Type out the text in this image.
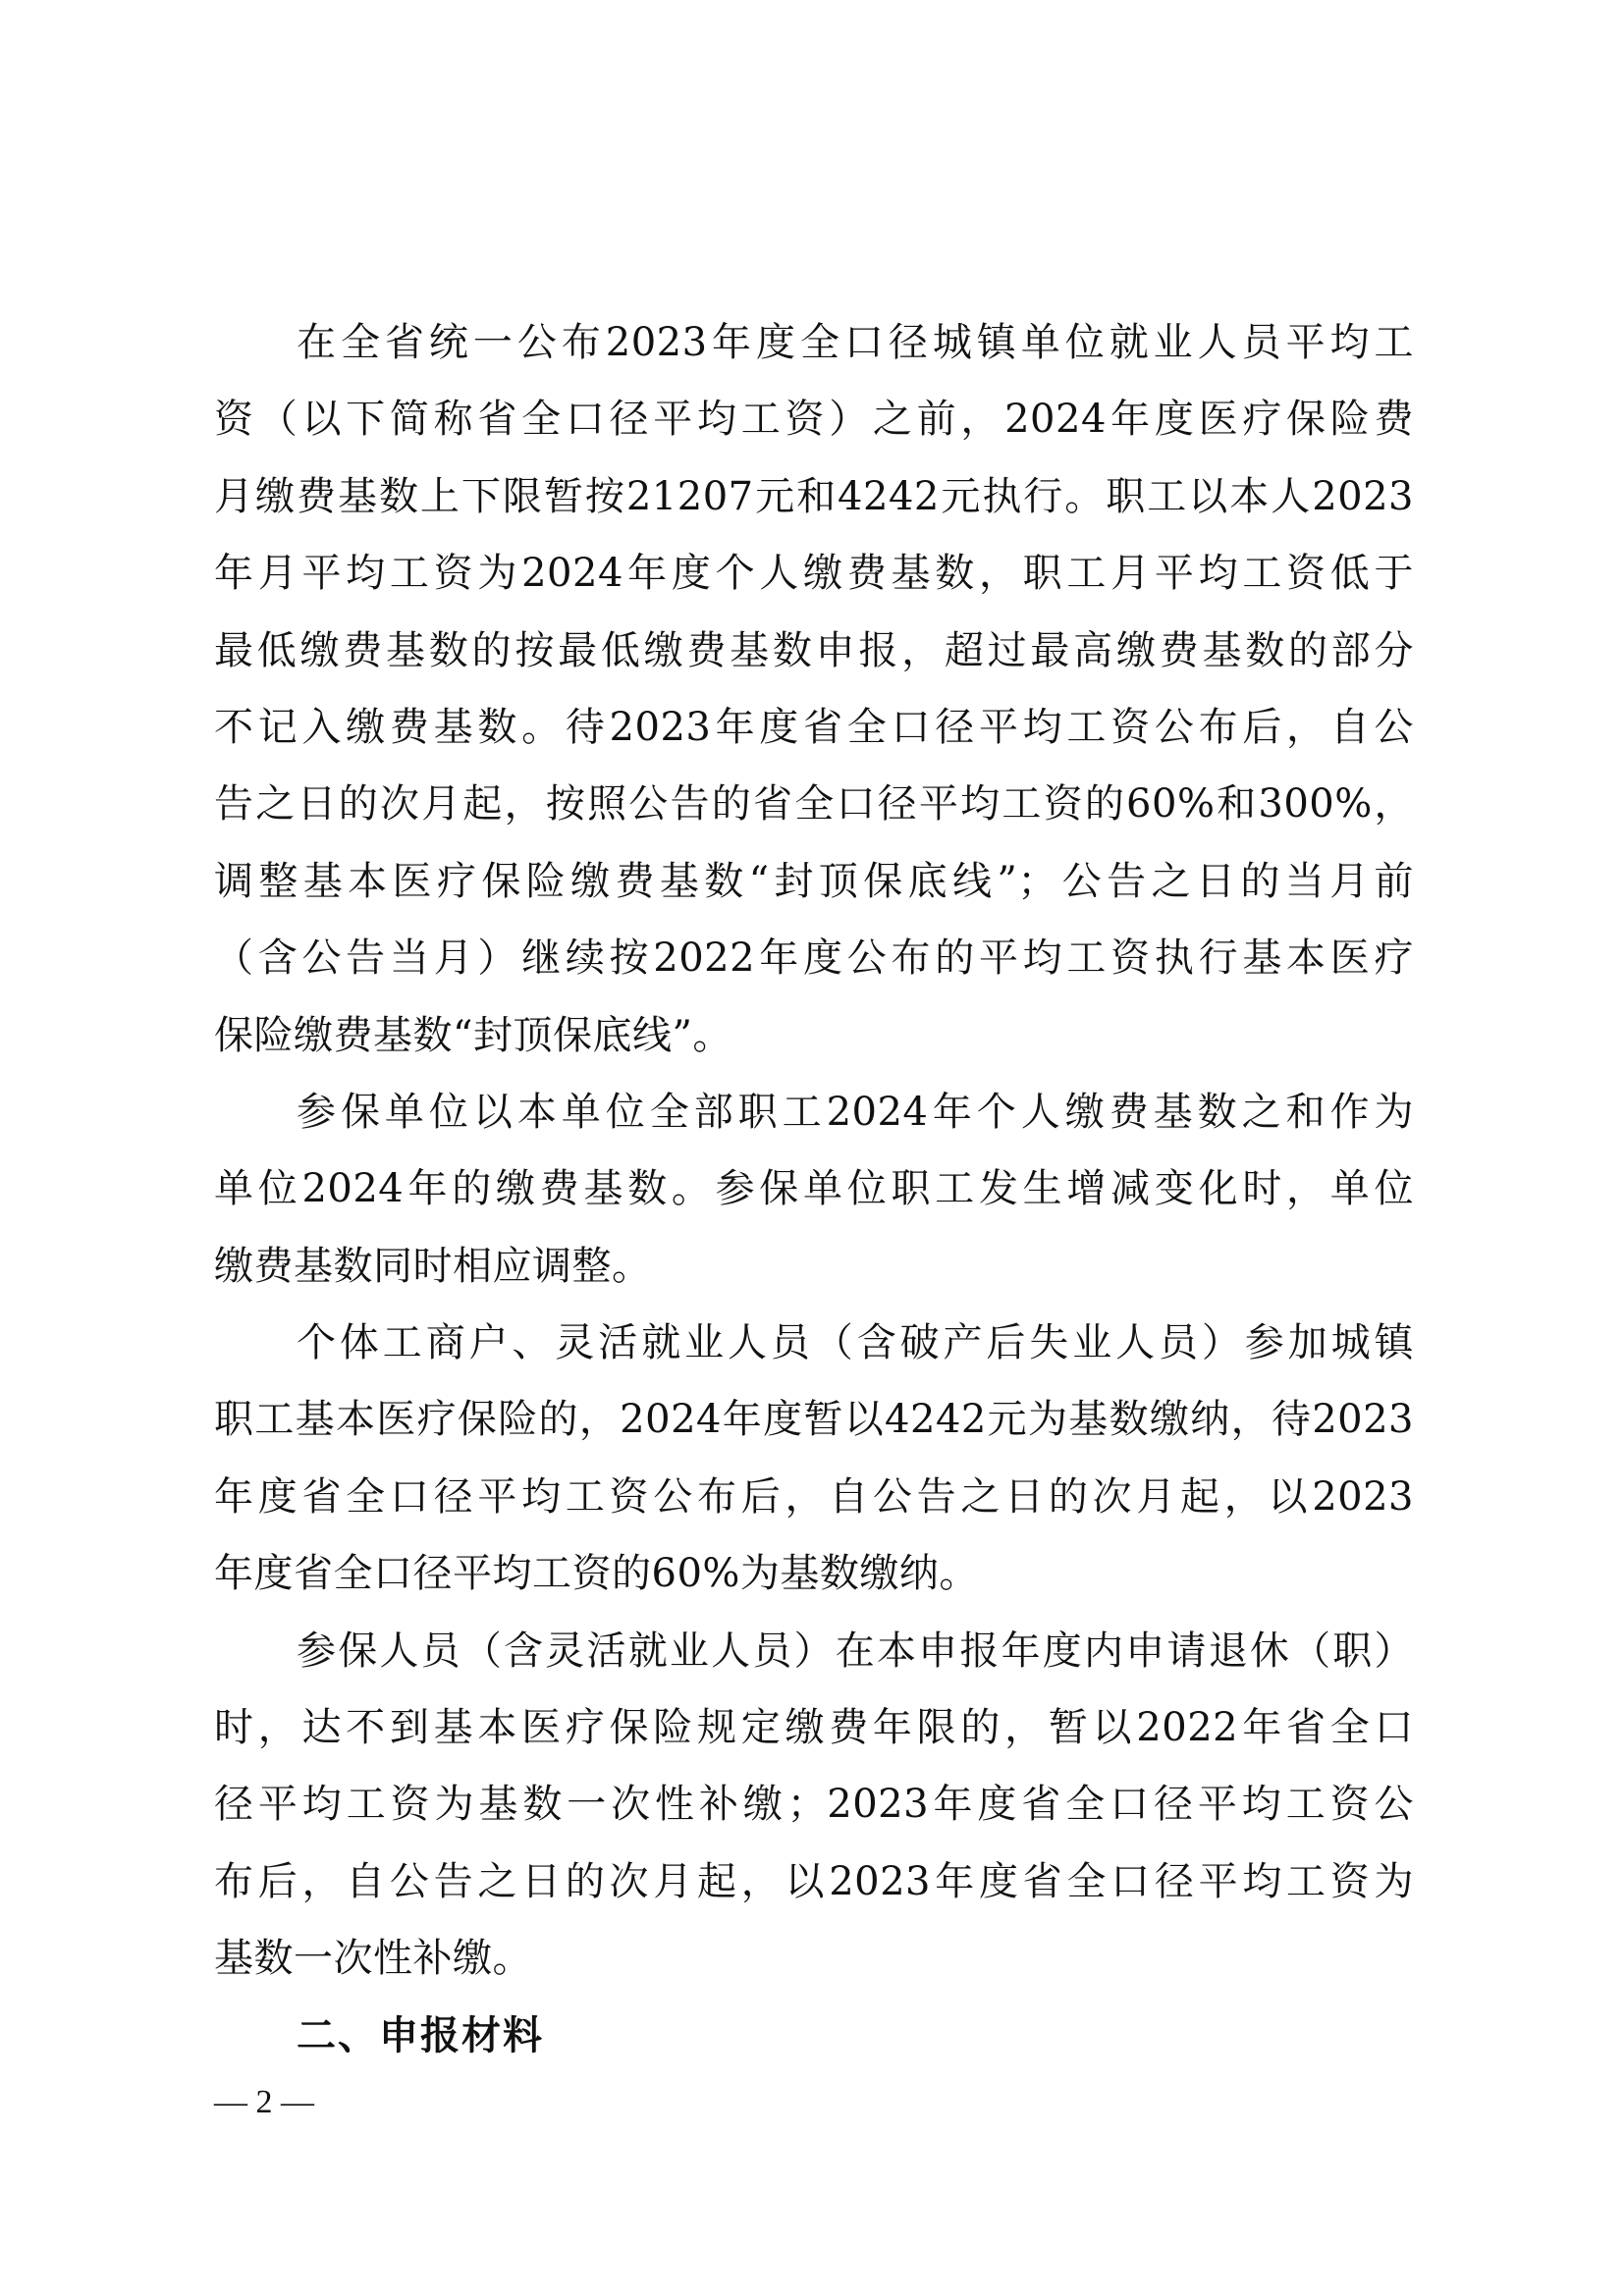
在全省统一公布2023年度全口径城镇单位就业人员平均工
资（以下简称省全口径平均工资）之前，2024年度医疗保险费
月缴费基数上下限暂按21207元和4242元执行。职工以本人2023
年月平均工资为2024年度个人缴费基数，职工月平均工资低于
最低缴费基数的按最低缴费基数申报，超过最高缴费基数的部分
不记入缴费基数。待2023年度省全口径平均工资公布后，自公
告之日的次月起，按照公告的省全口径平均工资的60%和300%，
调整基本医疗保险缴费基数“封顶保底线”；公告之日的当月前
（含公告当月）继续按2022年度公布的平均工资执行基本医疗
保险缴费基数“封顶保底线”。
参保单位以本单位全部职工2024年个人缴费基数之和作为
单位2024年的缴费基数。参保单位职工发生增减变化时，单位
缴费基数同时相应调整。
个体工商户、灵活就业人员（含破产后失业人员）参加城镇
职工基本医疗保险的，2024年度暂以4242元为基数缴纳，待2023
年度省全口径平均工资公布后，自公告之日的次月起，以2023
年度省全口径平均工资的60%为基数缴纳。
参保人员（含灵活就业人员）在本申报年度内申请退休（职）
时，达不到基本医疗保险规定缴费年限的，暂以2022年省全口
径平均工资为基数一次性补缴；2023年度省全口径平均工资公
布后，自公告之日的次月起，以2023年度省全口径平均工资为
基数一次性补缴。
二、申报材料
— 2 —
